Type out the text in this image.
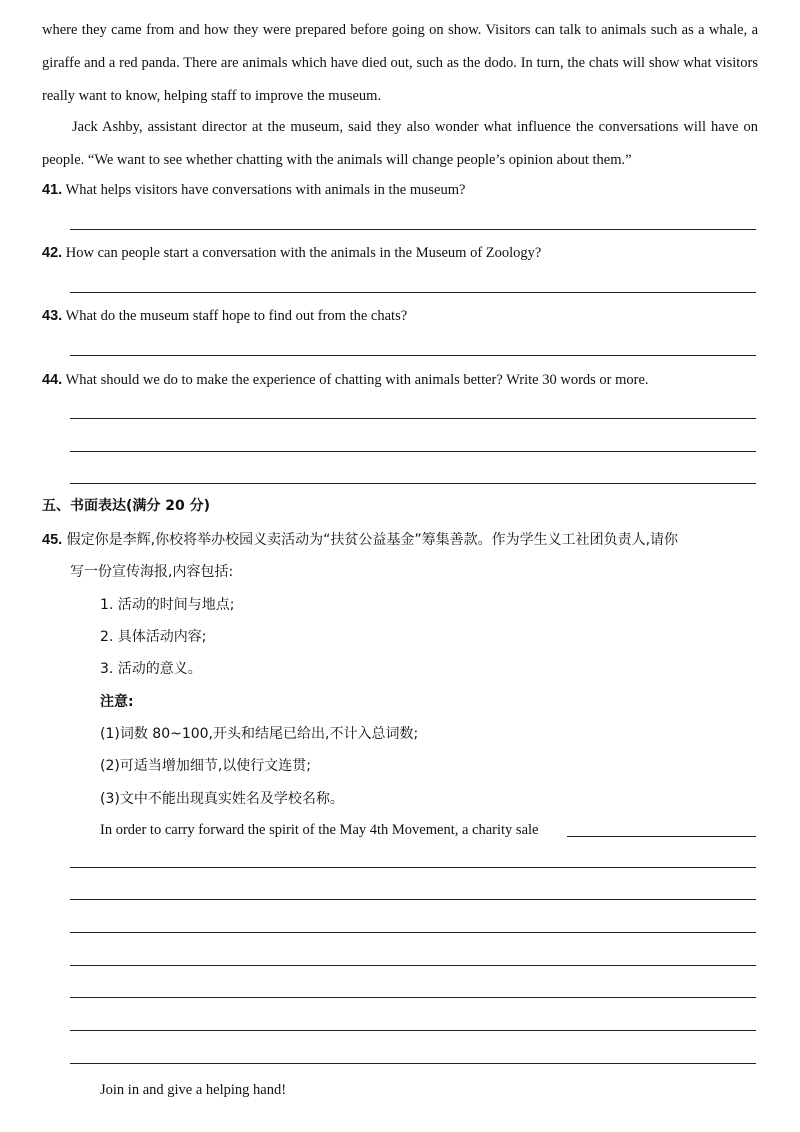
where they came from and how they were prepared before going on show. Visitors can talk to animals such as a whale, a giraffe and a red panda. There are animals which have died out, such as the dodo. In turn, the chats will show what visitors really want to know, helping staff to improve the museum.

Jack Ashby, assistant director at the museum, said they also wonder what influence the conversations will have on people. “We want to see whether chatting with the animals will change people’s opinion about them.”

41. What helps visitors have conversations with animals in the museum?
42. How can people start a conversation with the animals in the Museum of Zoology?
43. What do the museum staff hope to find out from the chats?
44. What should we do to make the experience of chatting with animals better? Write 30 words or more.
五、书面表达(满分 20 分)
45. 假定你是李辉,你校将举办校园义卖活动为“扶贫公益基金”筹集善款。作为学生义工社团负责人,请你
写一份宣传海报,内容包括:
1. 活动的时间与地点;
2. 具体活动内容;
3. 活动的意义。
注意:
(1)词数 80~100,开头和结尾已给出,不计入总词数;
(2)可适当增加细节,以使行文连贯;
(3)文中不能出现真实姓名及学校名称。
In order to carry forward the spirit of the May 4th Movement, a charity sale
Join in and give a helping hand!
